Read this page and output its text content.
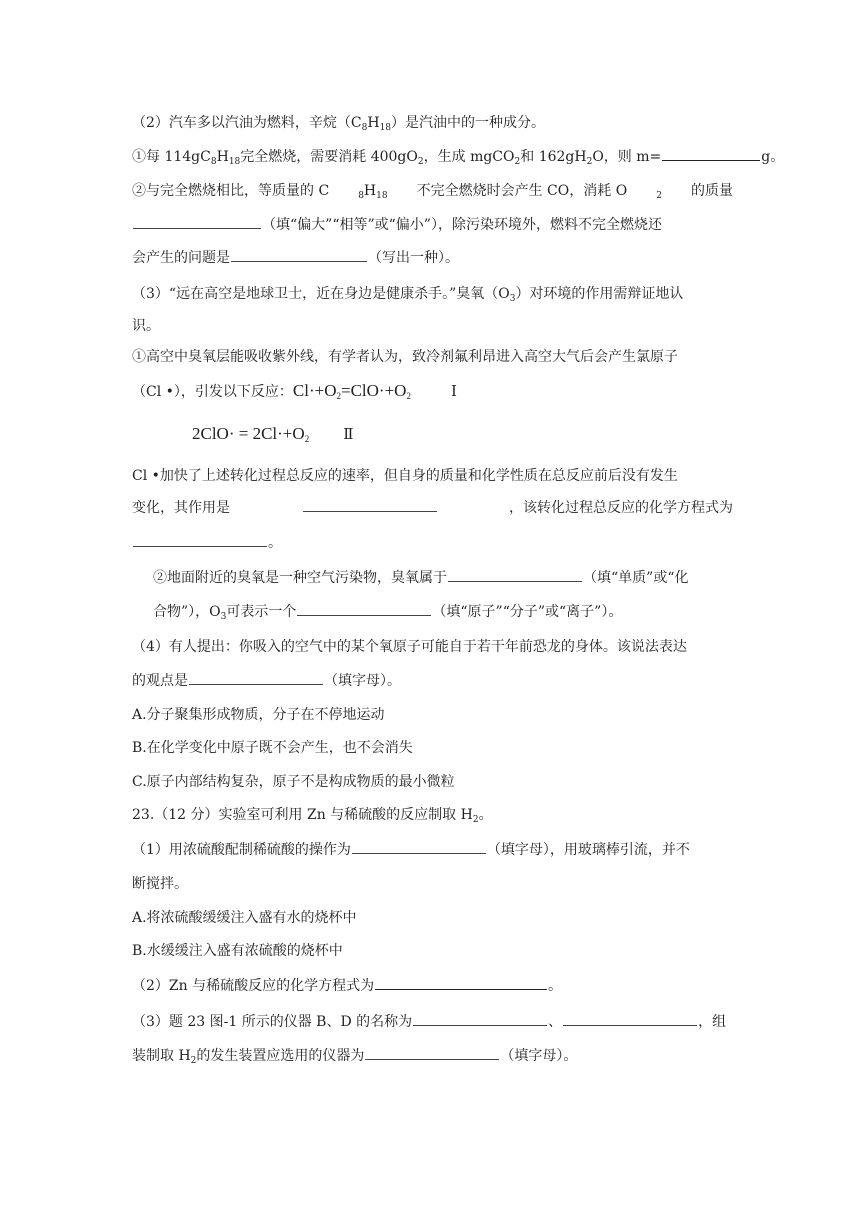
（2）汽车多以汽油为燃料，辛烷$(C_8H_{18})$是汽油中的一种成分。
①每 $114gC_8H_{18}$完全燃烧，需要消耗 $400gO_2$，生成 mgCO$_2$和 $162gH_2O$，则 m=	g。
②与完全燃烧相比，等质量的 C	$_8H_{18}$ 不完全燃烧时会产生 CO，消耗 O	$_2$ 的质量
（填“偏大”“相等”或“偏小”），除污染环境外，燃料不完全燃烧还
会产生的问题是	（写出一种）。
（3）“远在高空是地球卫士，近在身边是健康杀手。”臭氧$(O_3)$对环境的作用需辩证地认
识。
①高空中臭氧层能吸收紫外线，有学者认为，致冷剂氟利昂进入高空大气后会产生氯原子
（Cl •），引发以下反应：$Cl\cdot+O_2=ClO\cdot+O_2$	Ⅰ
$2ClO\cdot = 2Cl\cdot+O_2$ Ⅱ
Cl •加快了上述转化过程总反应的速率，但自身的质量和化学性质在总反应前后没有发生
变化，其作用是	，该转化过程总反应的化学方程式为
。
②地面附近的臭氧是一种空气污染物，臭氧属于	（填“单质”或“化
合物”），$O_3$可表示一个	（填“原子”“分子”或“离子”）。
（4）有人提出：你吸入的空气中的某个氧原子可能自于若干年前恐龙的身体。该说法表达
的观点是	（填字母）。
A.分子聚集形成物质，分子在不停地运动
B.在化学变化中原子既不会产生，也不会消失
C.原子内部结构复杂，原子不是构成物质的最小微粒
23.（12 分）实验室可利用 Zn 与稀硫酸的反应制取 $H_2$。
（1）用浓硫酸配制稀硫酸的操作为	（填字母），用玻璃棒引流，并不
断搅拌。
A.将浓硫酸缓缓注入盛有水的烧杯中
B.水缓缓注入盛有浓硫酸的烧杯中
（2）Zn 与稀硫酸反应的化学方程式为	。
（3）题 23 图-1 所示的仪器 B、D 的名称为	、	，组
装制取 $H_2$的发生装置应选用的仪器为	（填字母）。
